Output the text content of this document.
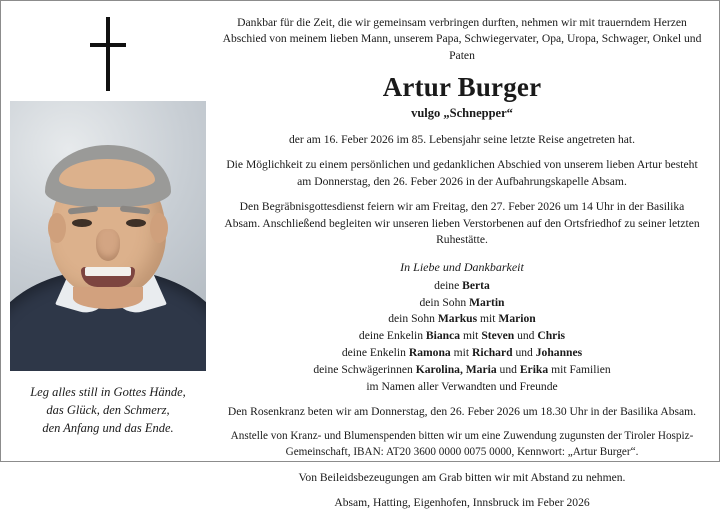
Leg alles still in Gottes Hände,
das Glück, den Schmerz,
den Anfang und das Ende.

Dankbar für die Zeit, die wir gemeinsam verbringen durften, nehmen wir mit trauerndem Herzen Abschied von meinem lieben Mann, unserem Papa, Schwiegervater, Opa, Uropa, Schwager, Onkel und Paten

Artur Burger
vulgo „Schnepper“

der am 16. Feber 2026 im 85. Lebensjahr seine letzte Reise angetreten hat.

Die Möglichkeit zu einem persönlichen und gedanklichen Abschied von unserem lieben Artur besteht am Donnerstag, den 26. Feber 2026 in der Aufbahrungskapelle Absam.

Den Begräbnisgottesdienst feiern wir am Freitag, den 27. Feber 2026 um 14 Uhr in der Basilika Absam. Anschließend begleiten wir unseren lieben Verstorbenen auf den Ortsfriedhof zu seiner letzten Ruhestätte.

In Liebe und Dankbarkeit
deine Berta
dein Sohn Martin
dein Sohn Markus mit Marion
deine Enkelin Bianca mit Steven und Chris
deine Enkelin Ramona mit Richard und Johannes
deine Schwägerinnen Karolina, Maria und Erika mit Familien
im Namen aller Verwandten und Freunde

Den Rosenkranz beten wir am Donnerstag, den 26. Feber 2026 um 18.30 Uhr in der Basilika Absam.

Anstelle von Kranz- und Blumenspenden bitten wir um eine Zuwendung zugunsten der Tiroler Hospiz-Gemeinschaft, IBAN: AT20 3600 0000 0075 0000, Kennwort: „Artur Burger“.

Von Beileidsbezeugungen am Grab bitten wir mit Abstand zu nehmen.

Absam, Hatting, Eigenhofen, Innsbruck im Feber 2026
